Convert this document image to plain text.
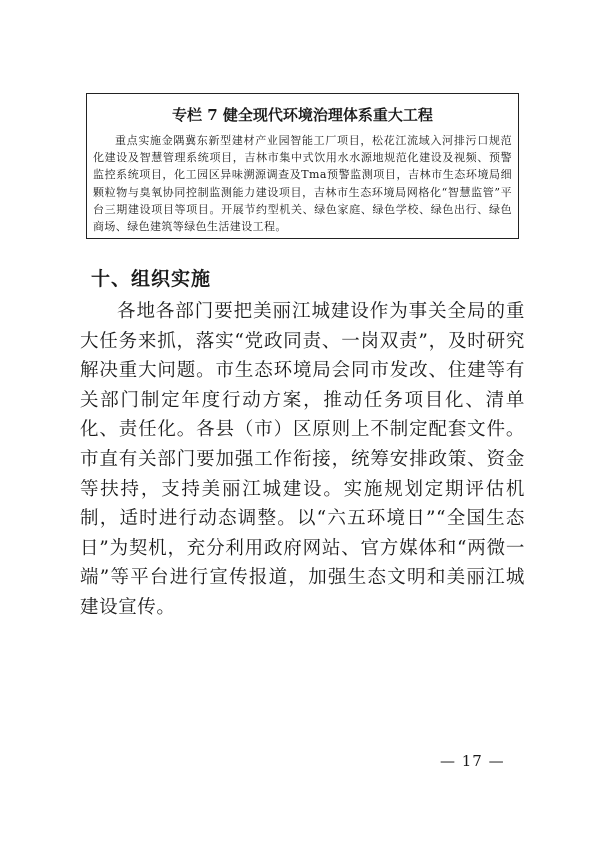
专栏 7 健全现代环境治理体系重大工程
重点实施金隅冀东新型建材产业园智能工厂项目，松花江流域入河排污口规范化建设及智慧管理系统项目，吉林市集中式饮用水水源地规范化建设及视频、预警监控系统项目，化工园区异味溯源调查及Tma预警监测项目，吉林市生态环境局细颗粒物与臭氧协同控制监测能力建设项目，吉林市生态环境局网格化“智慧监管”平台三期建设项目等项目。开展节约型机关、绿色家庭、绿色学校、绿色出行、绿色商场、绿色建筑等绿色生活建设工程。
十、组织实施
各地各部门要把美丽江城建设作为事关全局的重大任务来抓，落实“党政同责、一岗双责”，及时研究解决重大问题。市生态环境局会同市发改、住建等有关部门制定年度行动方案，推动任务项目化、清单化、责任化。各县（市）区原则上不制定配套文件。市直有关部门要加强工作衔接，统筹安排政策、资金等扶持，支持美丽江城建设。实施规划定期评估机制，适时进行动态调整。以“六五环境日”“全国生态日”为契机，充分利用政府网站、官方媒体和“两微一端”等平台进行宣传报道，加强生态文明和美丽江城建设宣传。
— 17 —
